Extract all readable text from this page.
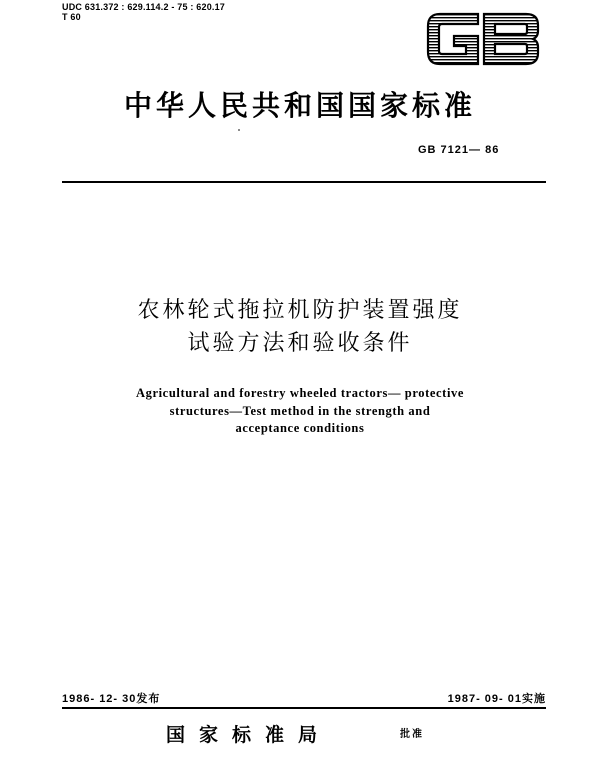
UDC 631.372 : 629.114.2 - 75 : 620.17
T 60
中华人民共和国国家标准
GB 7121— 86
农林轮式拖拉机防护装置强度
试验方法和验收条件
Agricultural and forestry wheeled tractors— protective
structures—Test method in the strength and
acceptance conditions
1986- 12- 30发布	1987- 09- 01实施
国家标准局	批准
